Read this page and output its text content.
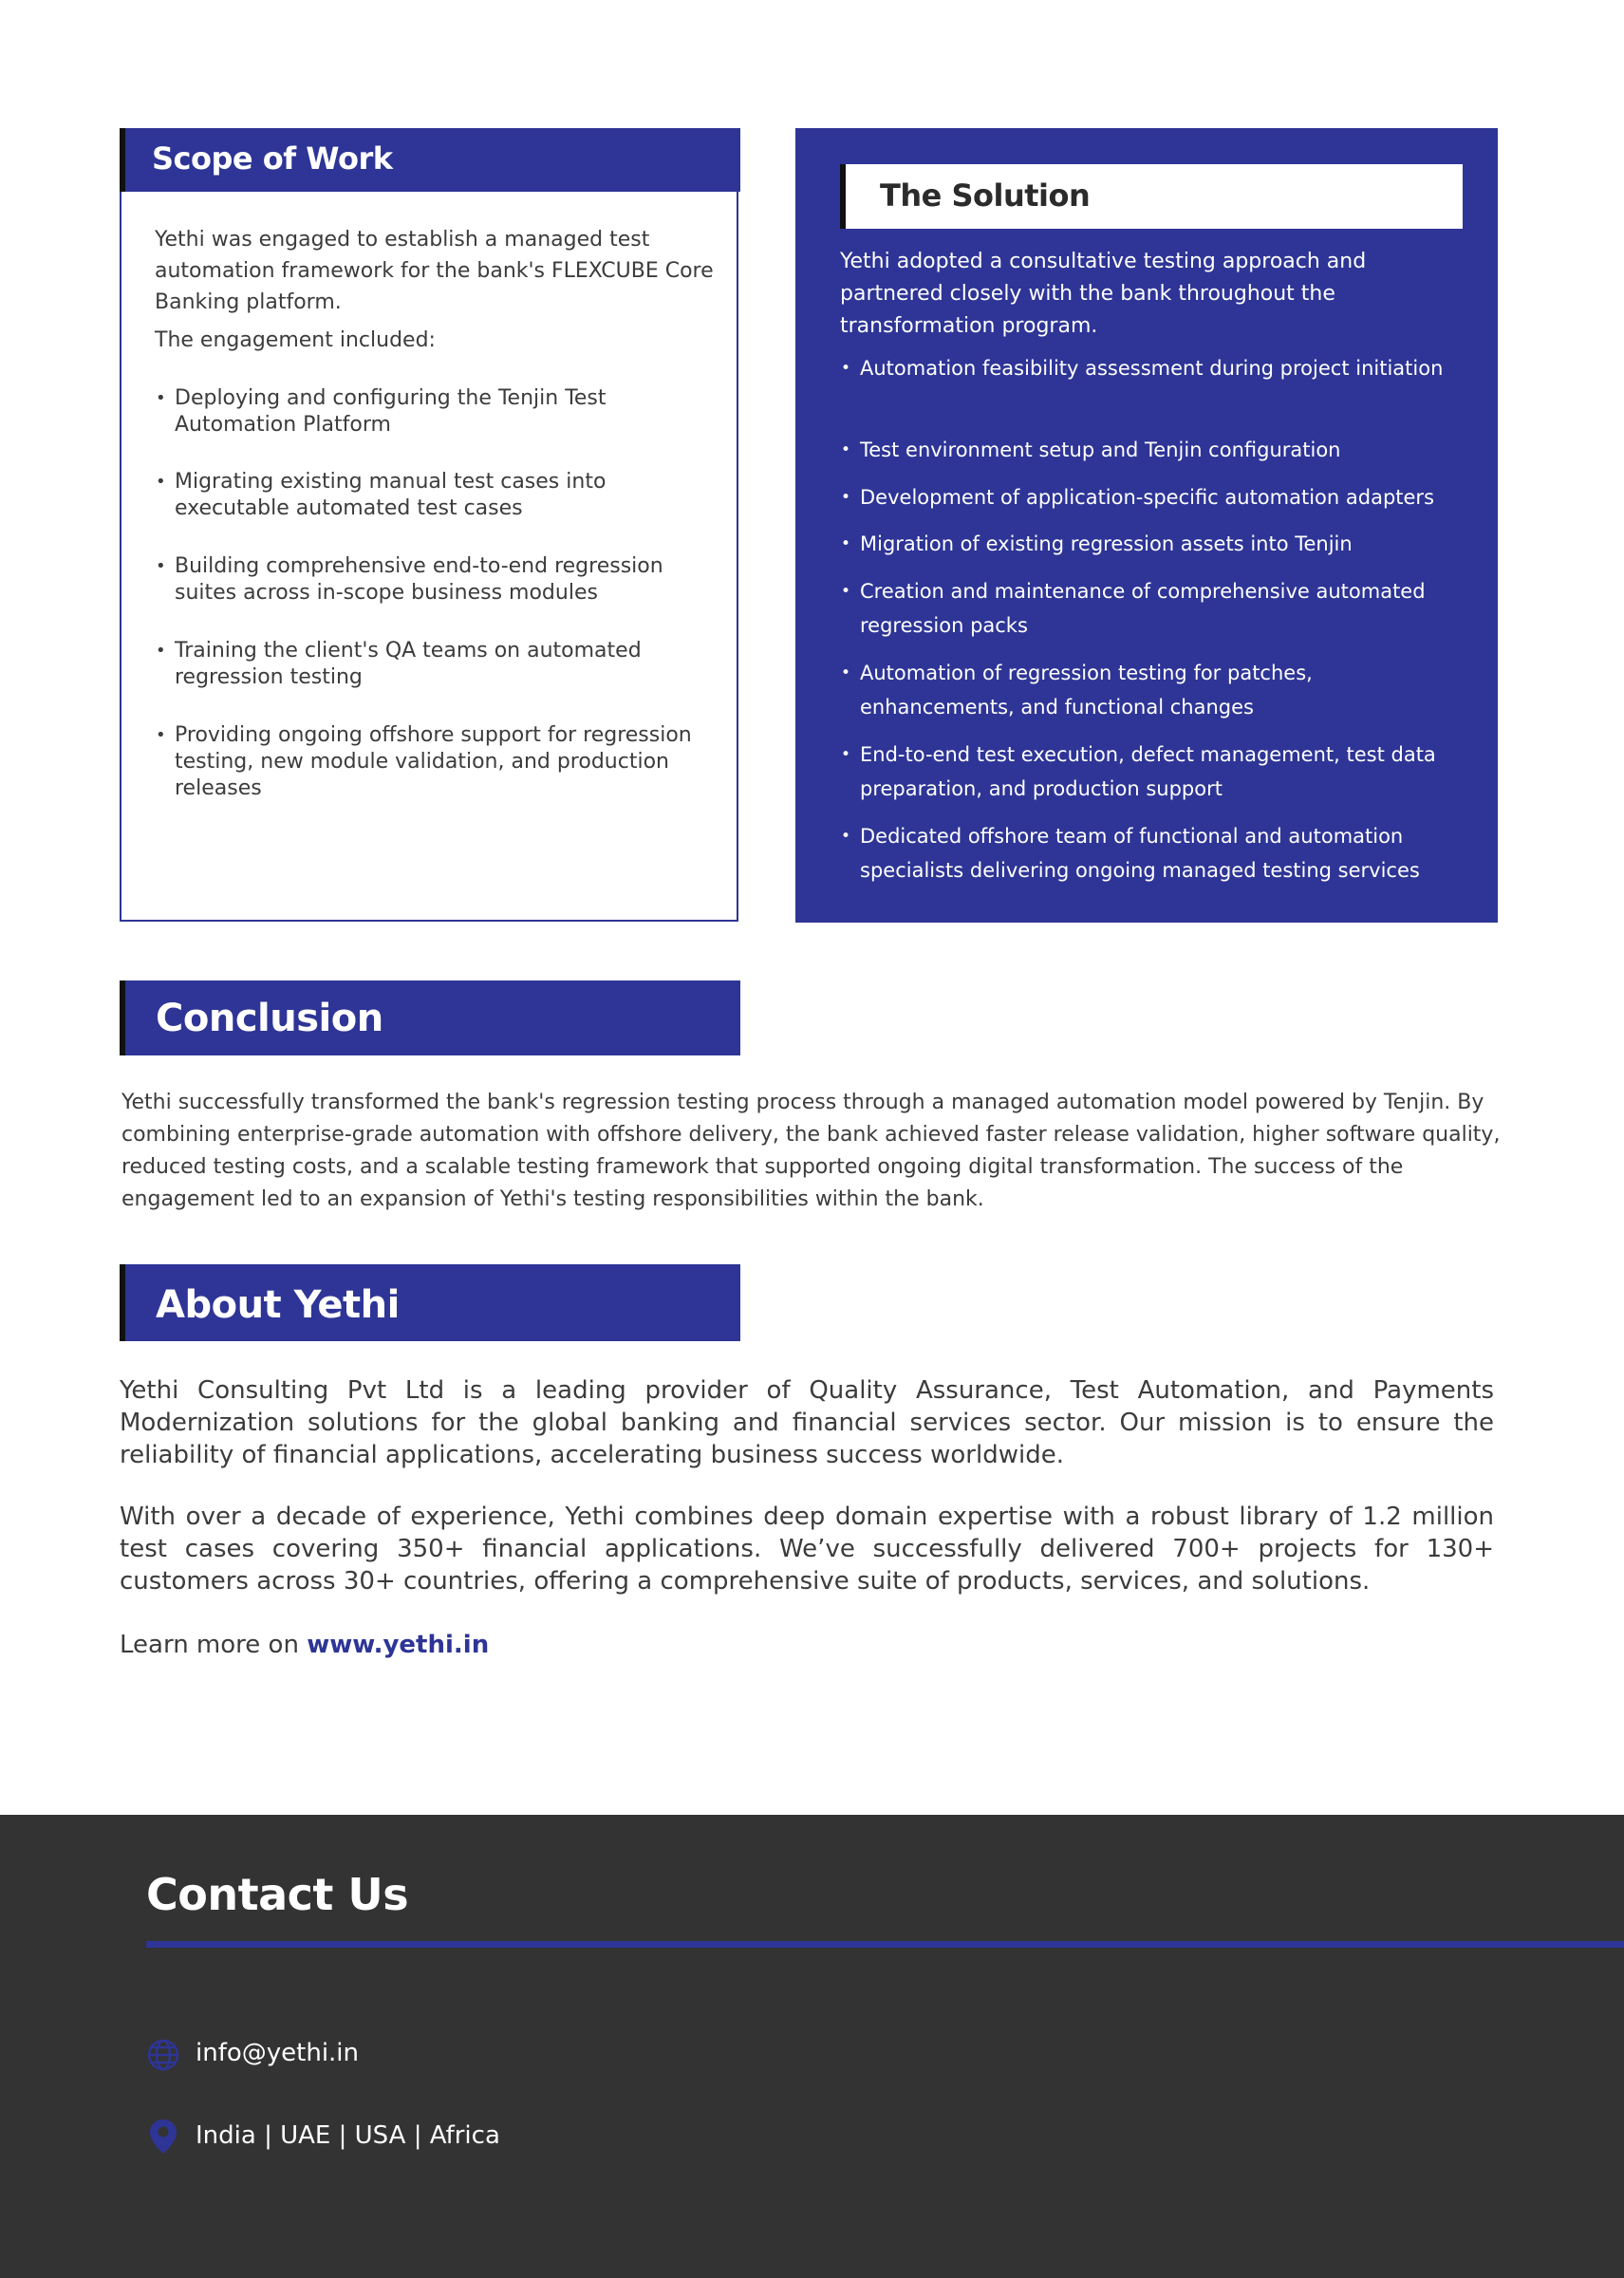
Scope of Work
Yethi was engaged to establish a managed test automation framework for the bank's FLEXCUBE Core Banking platform.
The engagement included:
• Deploying and configuring the Tenjin Test Automation Platform
• Migrating existing manual test cases into executable automated test cases
• Building comprehensive end-to-end regression suites across in-scope business modules
• Training the client's QA teams on automated regression testing
• Providing ongoing offshore support for regression testing, new module validation, and production releases
The Solution
Yethi adopted a consultative testing approach and partnered closely with the bank throughout the transformation program.
• Automation feasibility assessment during project initiation
• Test environment setup and Tenjin configuration
• Development of application-specific automation adapters
• Migration of existing regression assets into Tenjin
• Creation and maintenance of comprehensive automated regression packs
• Automation of regression testing for patches, enhancements, and functional changes
• End-to-end test execution, defect management, test data preparation, and production support
• Dedicated offshore team of functional and automation specialists delivering ongoing managed testing services
Conclusion
Yethi successfully transformed the bank's regression testing process through a managed automation model powered by Tenjin. By combining enterprise-grade automation with offshore delivery, the bank achieved faster release validation, higher software quality, reduced testing costs, and a scalable testing framework that supported ongoing digital transformation. The success of the engagement led to an expansion of Yethi's testing responsibilities within the bank.
About Yethi
Yethi Consulting Pvt Ltd is a leading provider of Quality Assurance, Test Automation, and Payments Modernization solutions for the global banking and financial services sector. Our mission is to ensure the reliability of financial applications, accelerating business success worldwide.
With over a decade of experience, Yethi combines deep domain expertise with a robust library of 1.2 million test cases covering 350+ financial applications. We’ve successfully delivered 700+ projects for 130+ customers across 30+ countries, offering a comprehensive suite of products, services, and solutions.
Learn more on www.yethi.in
Contact Us
info@yethi.in
India | UAE | USA | Africa
